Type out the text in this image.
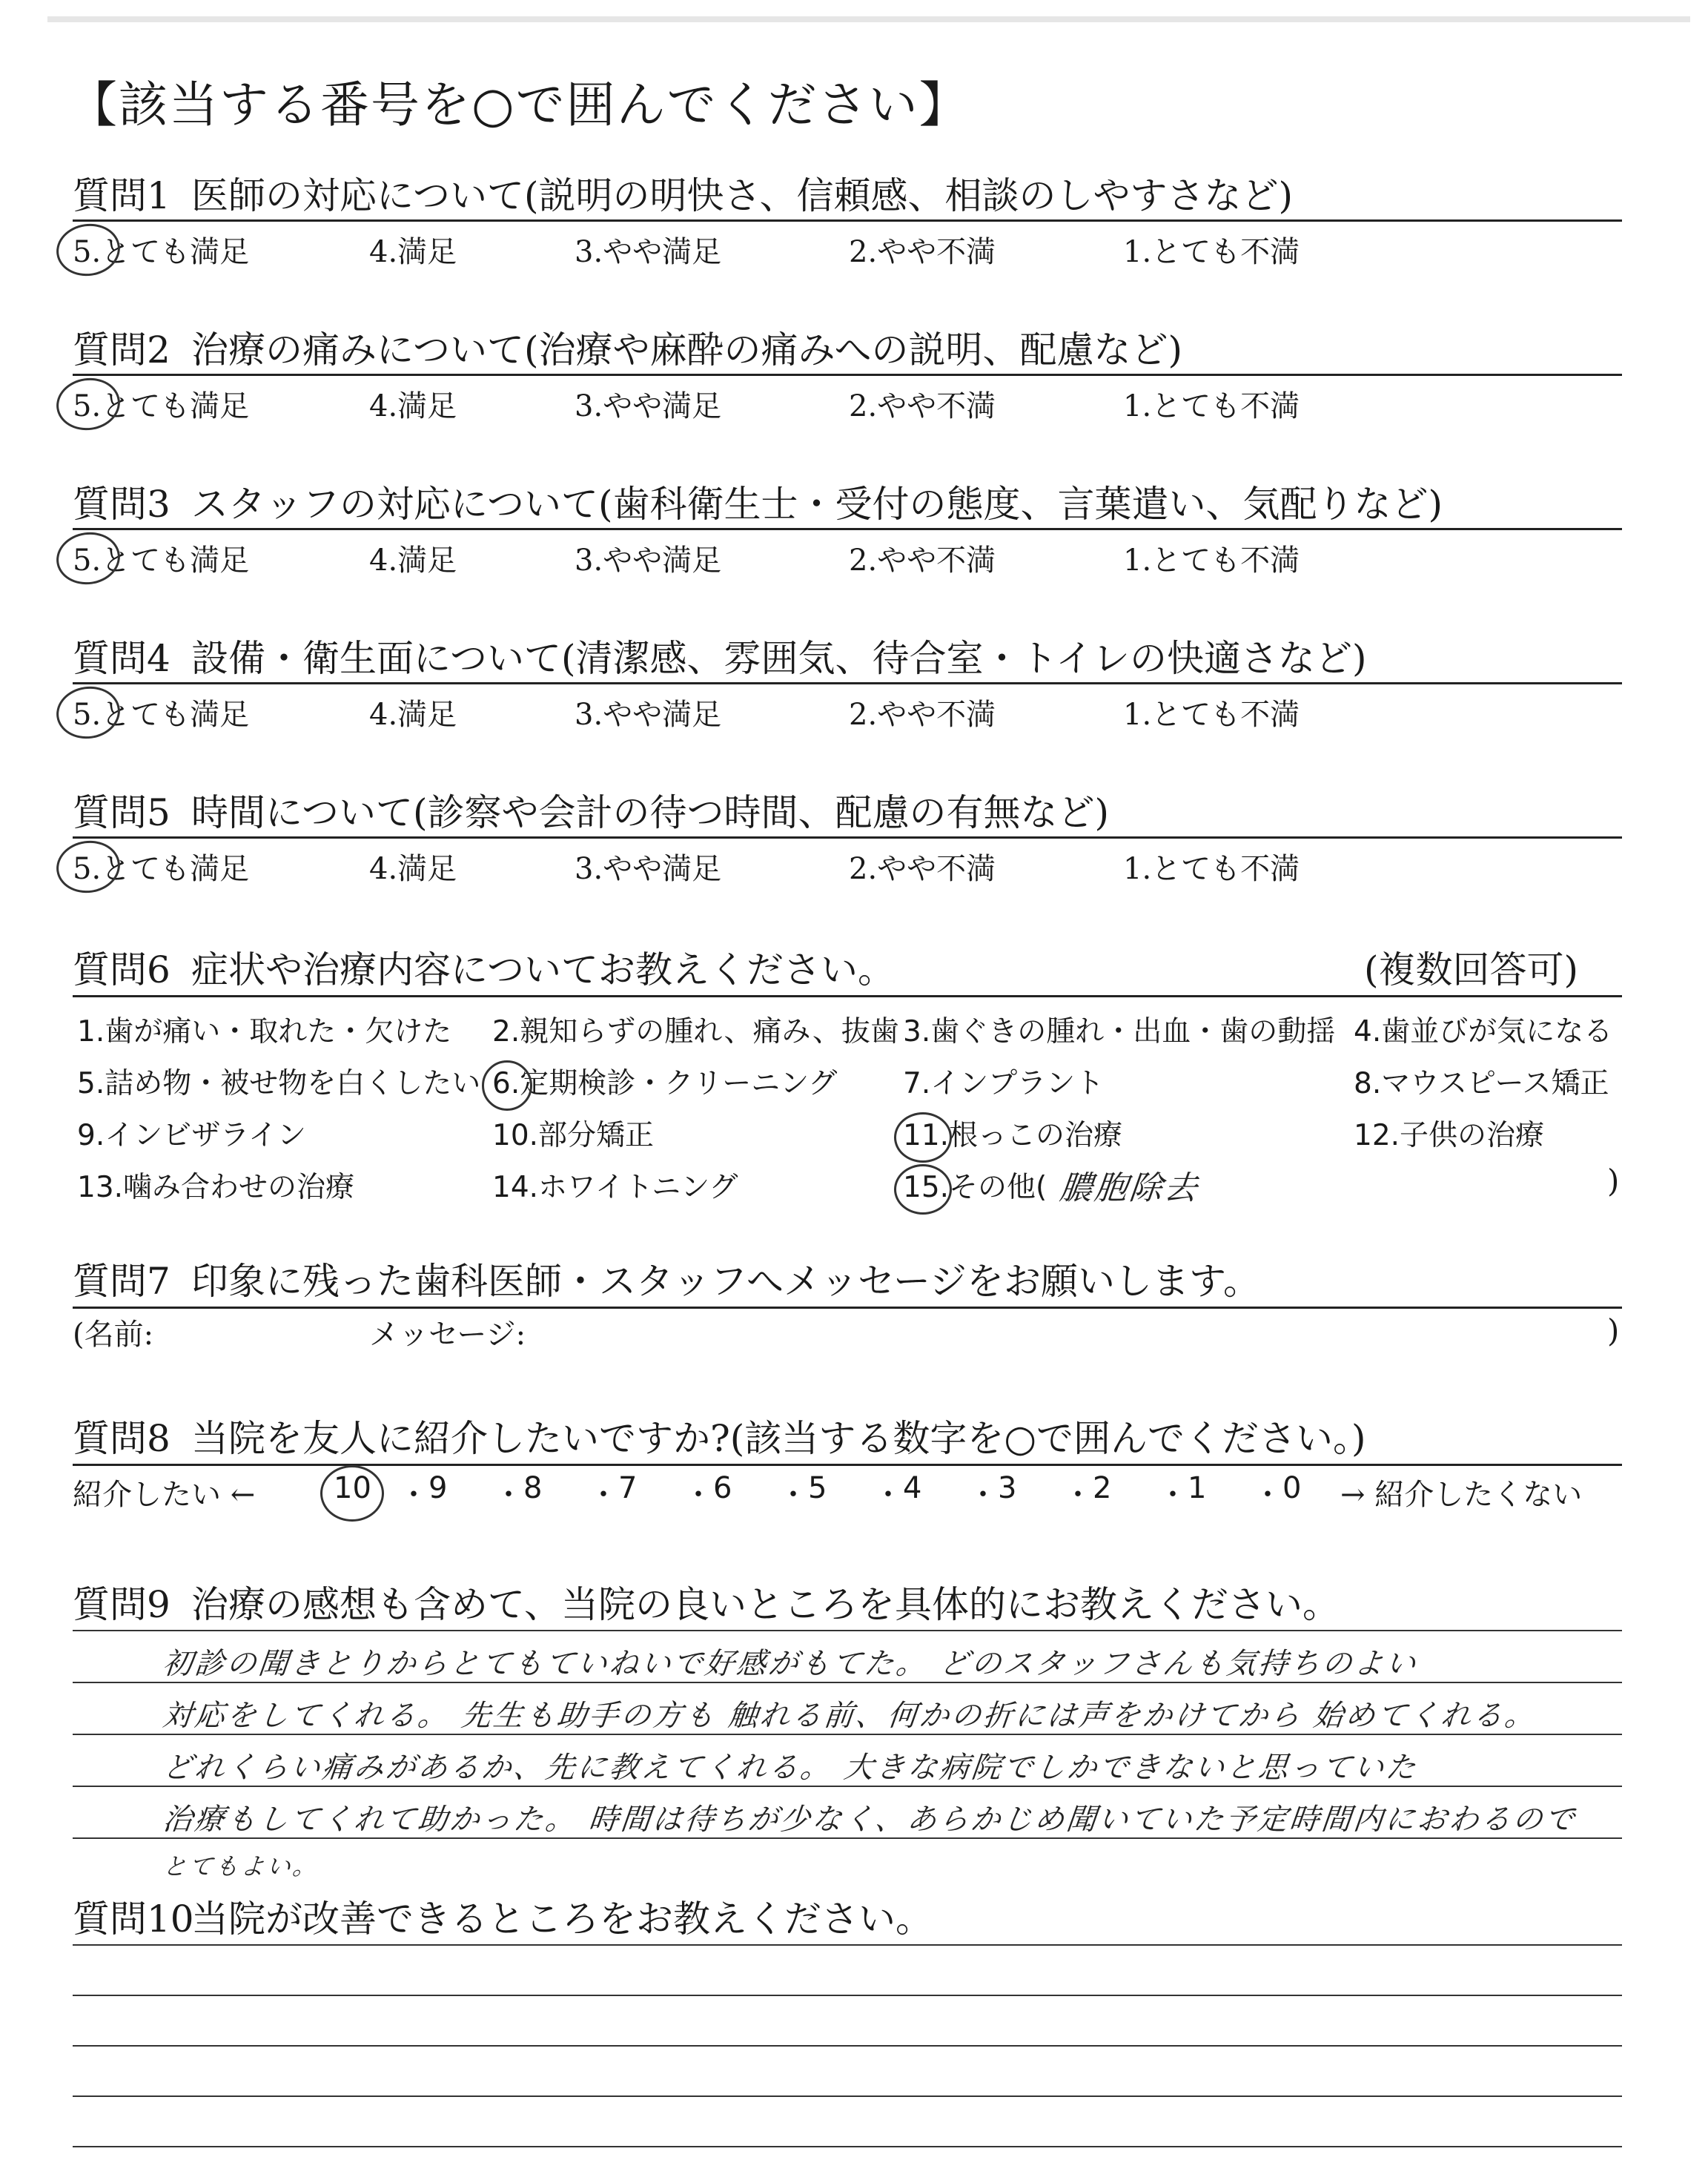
【該当する番号を○で囲んでください】
質問1 医師の対応について(説明の明快さ、信頼感、相談のしやすさなど)
5.とても満足	4.満足	3.やや満足	2.やや不満	1.とても不満
質問2 治療の痛みについて(治療や麻酔の痛みへの説明、配慮など)
5.とても満足	4.満足	3.やや満足	2.やや不満	1.とても不満
質問3 スタッフの対応について(歯科衛生士・受付の態度、言葉遣い、気配りなど)
5.とても満足	4.満足	3.やや満足	2.やや不満	1.とても不満
質問4 設備・衛生面について(清潔感、雰囲気、待合室・トイレの快適さなど)
5.とても満足	4.満足	3.やや満足	2.やや不満	1.とても不満
質問5 時間について(診察や会計の待つ時間、配慮の有無など)
5.とても満足	4.満足	3.やや満足	2.やや不満	1.とても不満
質問6 症状や治療内容についてお教えください。	(複数回答可)
1.歯が痛い・取れた・欠けた 2.親知らずの腫れ、痛み、抜歯 3.歯ぐきの腫れ・出血・歯の動揺 4.歯並びが気になる
5.詰め物・被せ物を白くしたい 6.定期検診・クリーニング 7.インプラント	8.マウスピース矯正
9.インビザライン	10.部分矯正	11.根っこの治療	12.子供の治療
13.噛み合わせの治療	14.ホワイトニング	15.その他( 膿胞除去	)
質問7 印象に残った歯科医師・スタッフへメッセージをお願いします。
(名前:	メッセージ:	)
質問8 当院を友人に紹介したいですか?(該当する数字を○で囲んでください。)
紹介したい ←	→ 紹介したくない
10 ・ 9 ・ 8 ・ 7 ・ 6 ・ 5 ・ 4 ・ 3 ・ 2 ・ 1 ・ 0
質問9 治療の感想も含めて、当院の良いところを具体的にお教えください。
初診の聞きとりからとてもていねいで好感がもてた。 どのスタッフさんも気持ちのよい
対応をしてくれる。 先生も助手の方も 触れる前、何かの折には声をかけてから 始めてくれる。
どれくらい痛みがあるか、先に教えてくれる。 大きな病院でしかできないと思っていた
治療もしてくれて助かった。 時間は待ちが少なく、あらかじめ聞いていた予定時間内におわるので
とてもよい。
質問10当院が改善できるところをお教えください。
